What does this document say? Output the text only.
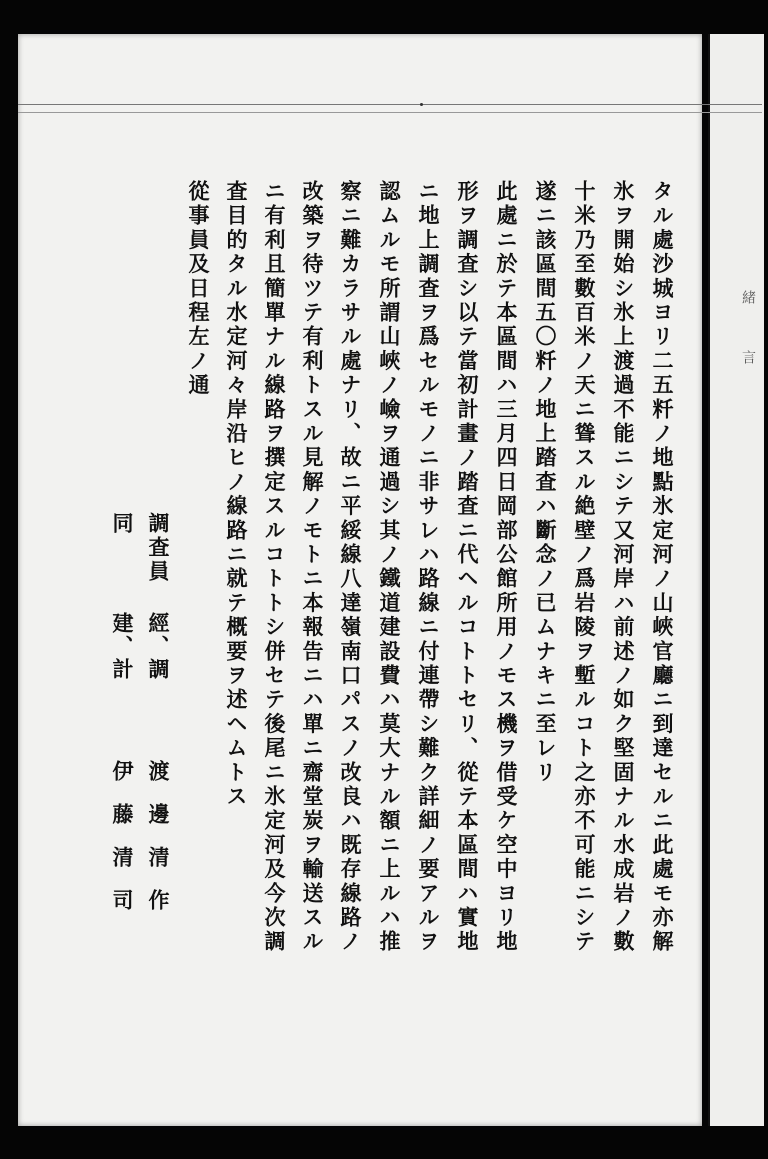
タル處沙城ヨリ二五粁ノ地點氷定河ノ山峽官廳ニ到達セルニ此處モ亦解
氷ヲ開始シ氷上渡過不能ニシテ又河岸ハ前述ノ如ク堅固ナル水成岩ノ數
十米乃至數百米ノ天ニ聳スル絶壁ノ爲岩陵ヲ塹ルコト之亦不可能ニシテ
遂ニ該區間五〇粁ノ地上踏査ハ斷念ノ已ムナキニ至レリ
此處ニ於テ本區間ハ三月四日岡部公館所用ノモス機ヲ借受ケ空中ヨリ地
形ヲ調査シ以テ當初計畫ノ踏査ニ代ヘルコトトセリ、從テ本區間ハ實地
ニ地上調査ヲ爲セルモノニ非サレハ路線ニ付連帶シ難ク詳細ノ要アルヲ
認ムルモ所謂山峽ノ嶮ヲ通過シ其ノ鐵道建設費ハ莫大ナル額ニ上ルハ推
察ニ難カラサル處ナリ、故ニ平綏線八達嶺南口パスノ改良ハ既存線路ノ
改築ヲ待ツテ有利トスル見解ノモトニ本報告ニハ單ニ齋堂炭ヲ輸送スル
ニ有利且簡單ナル線路ヲ撰定スルコトトシ併セテ後尾ニ氷定河及今次調
査目的タル水定河々岸沿ヒノ線路ニ就テ概要ヲ述ヘムトス
從事員及日程左ノ通
調査員
經、調
渡邊清作
同
建、計
伊藤清司
緒
言
